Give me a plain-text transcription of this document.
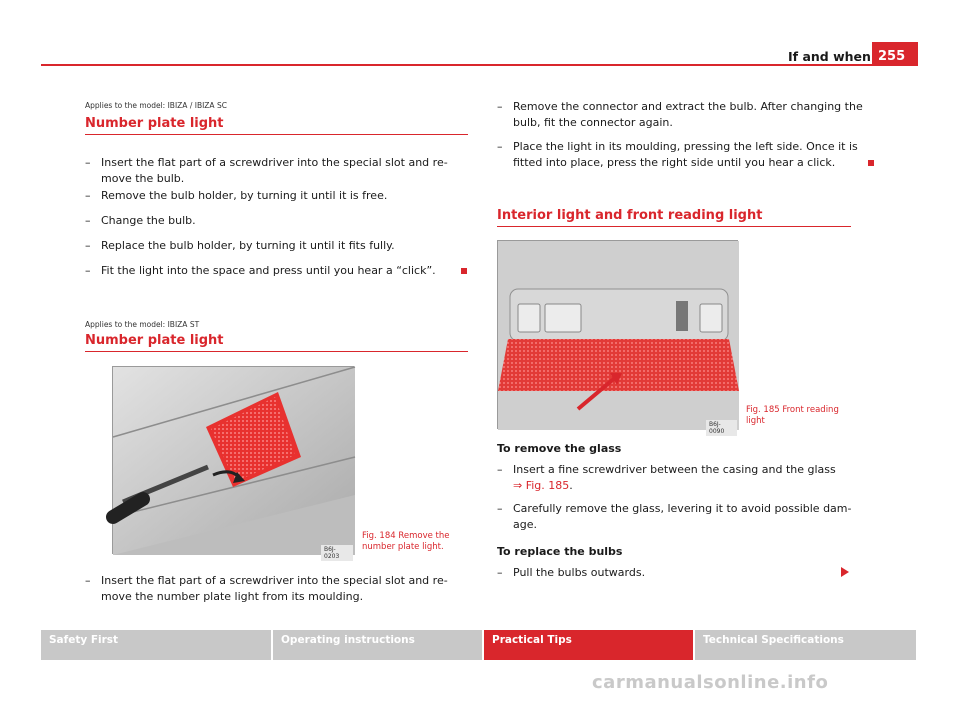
If and when 255
Applies to the model: IBIZA / IBIZA SC
Number plate light
– Insert the flat part of a screwdriver into the special slot and re-
move the bulb.
– Remove the bulb holder, by turning it until it is free.
– Change the bulb.
– Replace the bulb holder, by turning it until it fits fully.
– Fit the light into the space and press until you hear a “click”.
Applies to the model: IBIZA ST
Number plate light
B6J-0203
Fig. 184 Remove the
number plate light.
– Insert the flat part of a screwdriver into the special slot and re-
move the number plate light from its moulding.
– Remove the connector and extract the bulb. After changing the
bulb, fit the connector again.
– Place the light in its moulding, pressing the left side. Once it is
fitted into place, press the right side until you hear a click.
Interior light and front reading light
B6J-0090
Fig. 185 Front reading
light
To remove the glass
– Insert a fine screwdriver between the casing and the glass
⇒ Fig. 185.
– Carefully remove the glass, levering it to avoid possible dam-
age.
To replace the bulbs
– Pull the bulbs outwards.
Safety First	Operating instructions	Practical Tips	Technical Specifications
carmanualsonline.info
